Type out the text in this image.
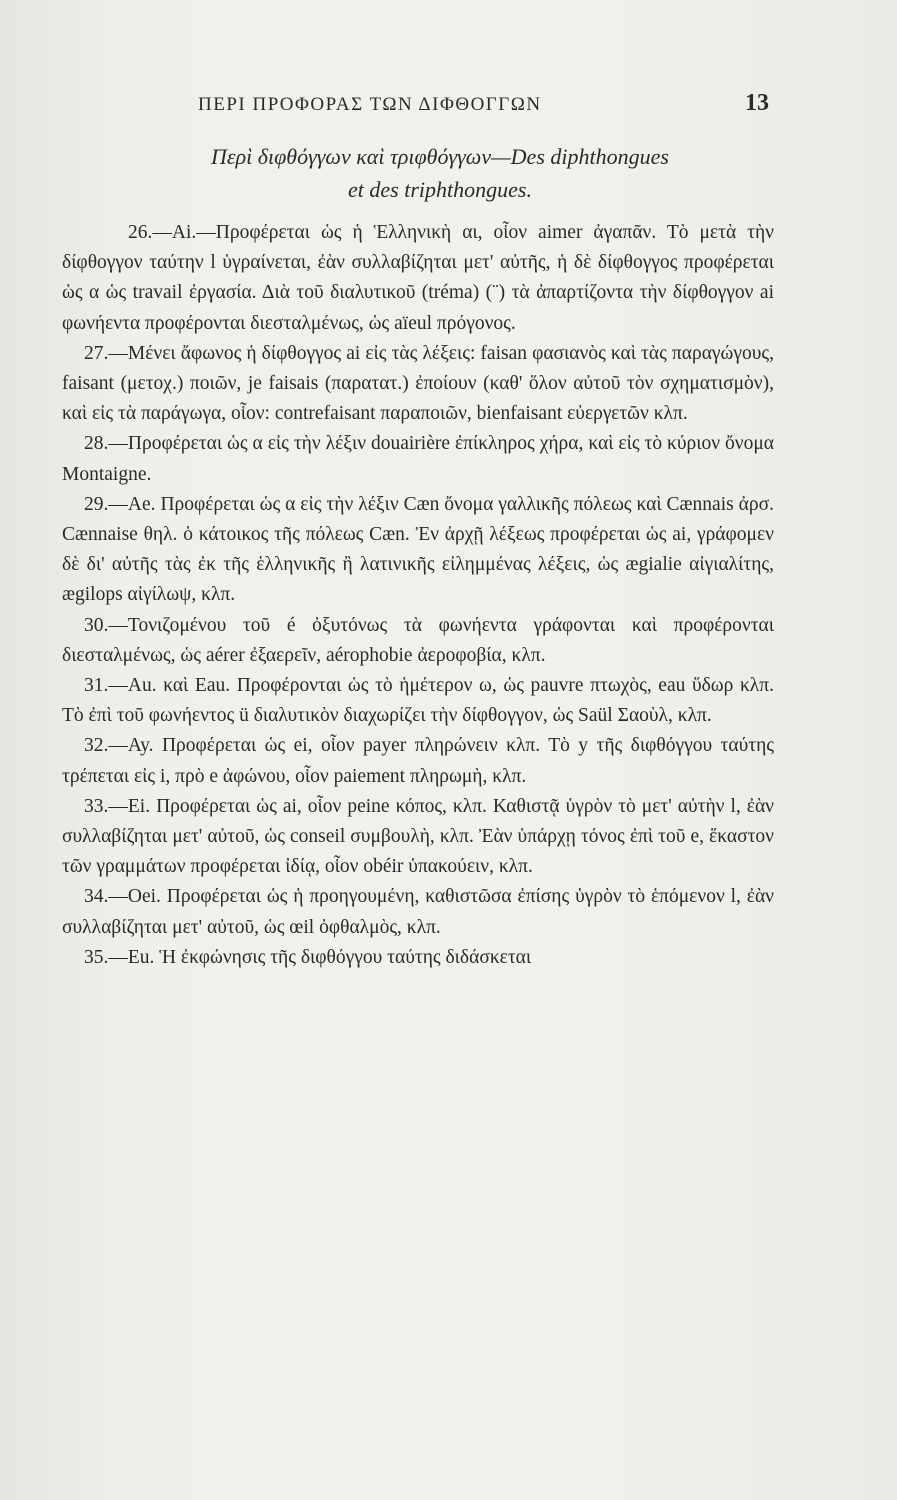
ΠΕΡΙ ΠΡΟΦΟΡΑΣ ΤΩΝ ΔΙΦΘΟΓΓΩΝ	13
Περὶ διφθόγγων καὶ τριφθόγγων—Des diphthongues
et des triphthongues.

26.—Ai.—Προφέρεται ὡς ἡ Ἑλληνικὴ αι, οἷον aimer ἀγαπᾶν. Τὸ μετὰ τὴν δίφθογγον ταύτην l ὑγραίνεται, ἐὰν συλλαβίζηται μετ' αὐτῆς, ἡ δὲ δίφθογγος προφέρεται ὡς α ὡς travail ἐργασία. Διὰ τοῦ διαλυτικοῦ (tréma) (¨) τὰ ἀπαρτίζοντα τὴν δίφθογγον ai φωνήεντα προφέρονται διεσταλμένως, ὡς aïeul πρόγονος.

27.—Μένει ἄφωνος ἡ δίφθογγος ai εἰς τὰς λέξεις: faisan φασιανὸς καὶ τὰς παραγώγους, faisant (μετοχ.) ποιῶν, je faisais (παρατατ.) ἐποίουν (καθ' ὅλον αὐτοῦ τὸν σχηματισμὸν), καὶ εἰς τὰ παράγωγα, οἷον: contrefaisant παραποιῶν, bienfaisant εὐεργετῶν κλπ.

28.—Προφέρεται ὡς α εἰς τὴν λέξιν douairière ἐπίκληρος χήρα, καὶ εἰς τὸ κύριον ὄνομα Montaigne.

29.—Ae. Προφέρεται ὡς α εἰς τὴν λέξιν Cæn ὄνομα γαλλικῆς πόλεως καὶ Cænnais ἀρσ. Cænnaise θηλ. ὁ κάτοικος τῆς πόλεως Cæn. Ἐν ἀρχῇ λέξεως προφέρεται ὡς ai, γράφομεν δὲ δι' αὐτῆς τὰς ἐκ τῆς ἑλληνικῆς ἢ λατινικῆς εἰλημμένας λέξεις, ὡς ægialie αἰγιαλίτης, ægilops αἰγίλωψ, κλπ.

30.—Τονιζομένου τοῦ é ὀξυτόνως τὰ φωνήεντα γράφονται καὶ προφέρονται διεσταλμένως, ὡς aérer ἐξαερεῖν, aérophobie ἀεροφοβία, κλπ.

31.—Au. καὶ Eau. Προφέρονται ὡς τὸ ἡμέτερον ω, ὡς pauvre πτωχὸς, eau ὕδωρ κλπ. Τὸ ἐπὶ τοῦ φωνήεντος ü διαλυτικὸν διαχωρίζει τὴν δίφθογγον, ὡς Saül Σαοὺλ, κλπ.

32.—Ay. Προφέρεται ὡς ei, οἷον payer πληρώνειν κλπ. Τὸ y τῆς διφθόγγου ταύτης τρέπεται εἰς i, πρὸ e ἀφώνου, οἷον paiement πληρωμὴ, κλπ.

33.—Ei. Προφέρεται ὡς ai, οἷον peine κόπος, κλπ. Καθιστᾷ ὑγρὸν τὸ μετ' αὐτὴν l, ἐὰν συλλαβίζηται μετ' αὐτοῦ, ὡς conseil συμβουλὴ, κλπ. Ἐὰν ὑπάρχῃ τόνος ἐπὶ τοῦ e, ἕκαστον τῶν γραμμάτων προφέρεται ἰδίᾳ, οἷον obéir ὑπακούειν, κλπ.

34.—Oei. Προφέρεται ὡς ἡ προηγουμένη, καθιστῶσα ἐπίσης ὑγρὸν τὸ ἑπόμενον l, ἐὰν συλλαβίζηται μετ' αὐτοῦ, ὡς œil ὀφθαλμὸς, κλπ.

35.—Eu. Ἡ ἐκφώνησις τῆς διφθόγγου ταύτης διδάσκεται
